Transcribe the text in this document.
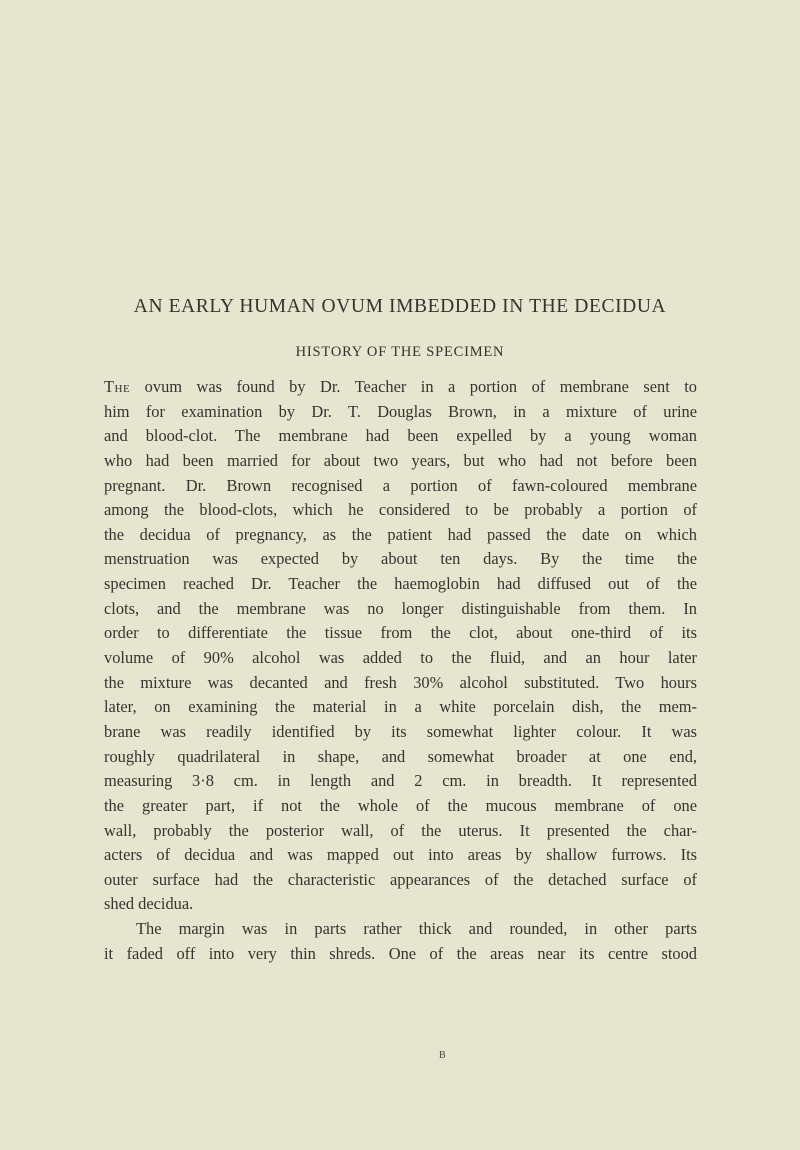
AN EARLY HUMAN OVUM IMBEDDED IN THE DECIDUA
HISTORY OF THE SPECIMEN
The ovum was found by Dr. Teacher in a portion of membrane sent to
him for examination by Dr. T. Douglas Brown, in a mixture of urine
and blood-clot. The membrane had been expelled by a young woman
who had been married for about two years, but who had not before been
pregnant. Dr. Brown recognised a portion of fawn-coloured membrane
among the blood-clots, which he considered to be probably a portion of
the decidua of pregnancy, as the patient had passed the date on which
menstruation was expected by about ten days. By the time the
specimen reached Dr. Teacher the haemoglobin had diffused out of the
clots, and the membrane was no longer distinguishable from them. In
order to differentiate the tissue from the clot, about one-third of its
volume of 90% alcohol was added to the fluid, and an hour later
the mixture was decanted and fresh 30% alcohol substituted. Two hours
later, on examining the material in a white porcelain dish, the mem-
brane was readily identified by its somewhat lighter colour. It was
roughly quadrilateral in shape, and somewhat broader at one end,
measuring 3·8 cm. in length and 2 cm. in breadth. It represented
the greater part, if not the whole of the mucous membrane of one
wall, probably the posterior wall, of the uterus. It presented the char-
acters of decidua and was mapped out into areas by shallow furrows. Its
outer surface had the characteristic appearances of the detached surface of
shed decidua.
The margin was in parts rather thick and rounded, in other parts
it faded off into very thin shreds. One of the areas near its centre stood
B
